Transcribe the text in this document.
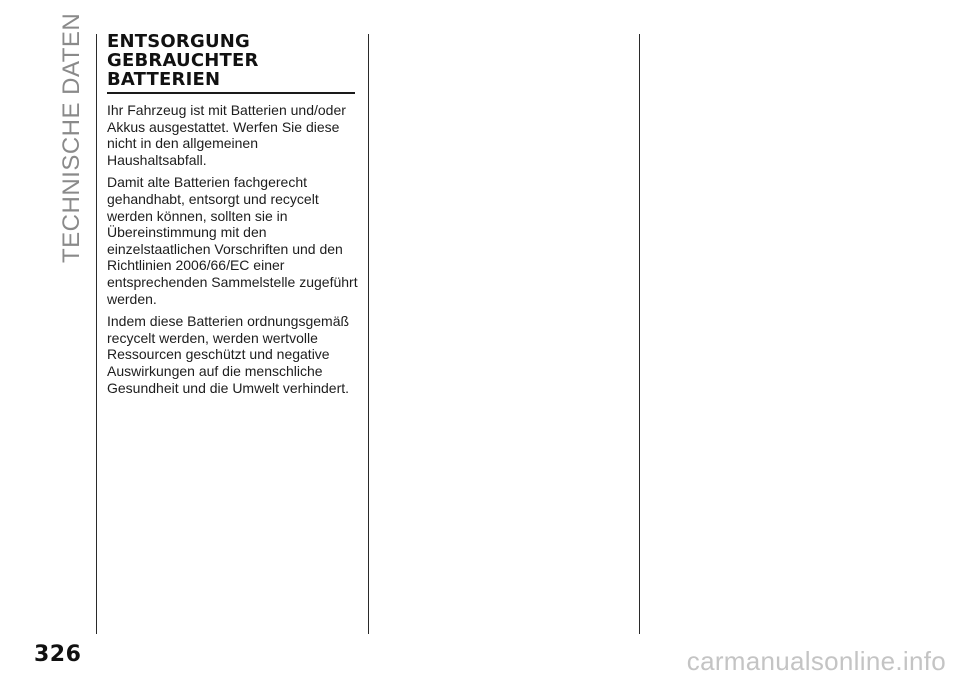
TECHNISCHE DATEN ENTSORGUNG
GEBRAUCHTER
BATTERIEN

Ihr Fahrzeug ist mit Batterien und/oder Akkus ausgestattet. Werfen Sie diese nicht in den allgemeinen Haushaltsabfall.

Damit alte Batterien fachgerecht gehandhabt, entsorgt und recycelt werden können, sollten sie in Übereinstimmung mit den einzelstaatlichen Vorschriften und den Richtlinien 2006/66/EC einer entsprechenden Sammelstelle zugeführt werden.

Indem diese Batterien ordnungsgemäß recycelt werden, werden wertvolle Ressourcen geschützt und negative Auswirkungen auf die menschliche Gesundheit und die Umwelt verhindert.

326	carmanualsonline.info
